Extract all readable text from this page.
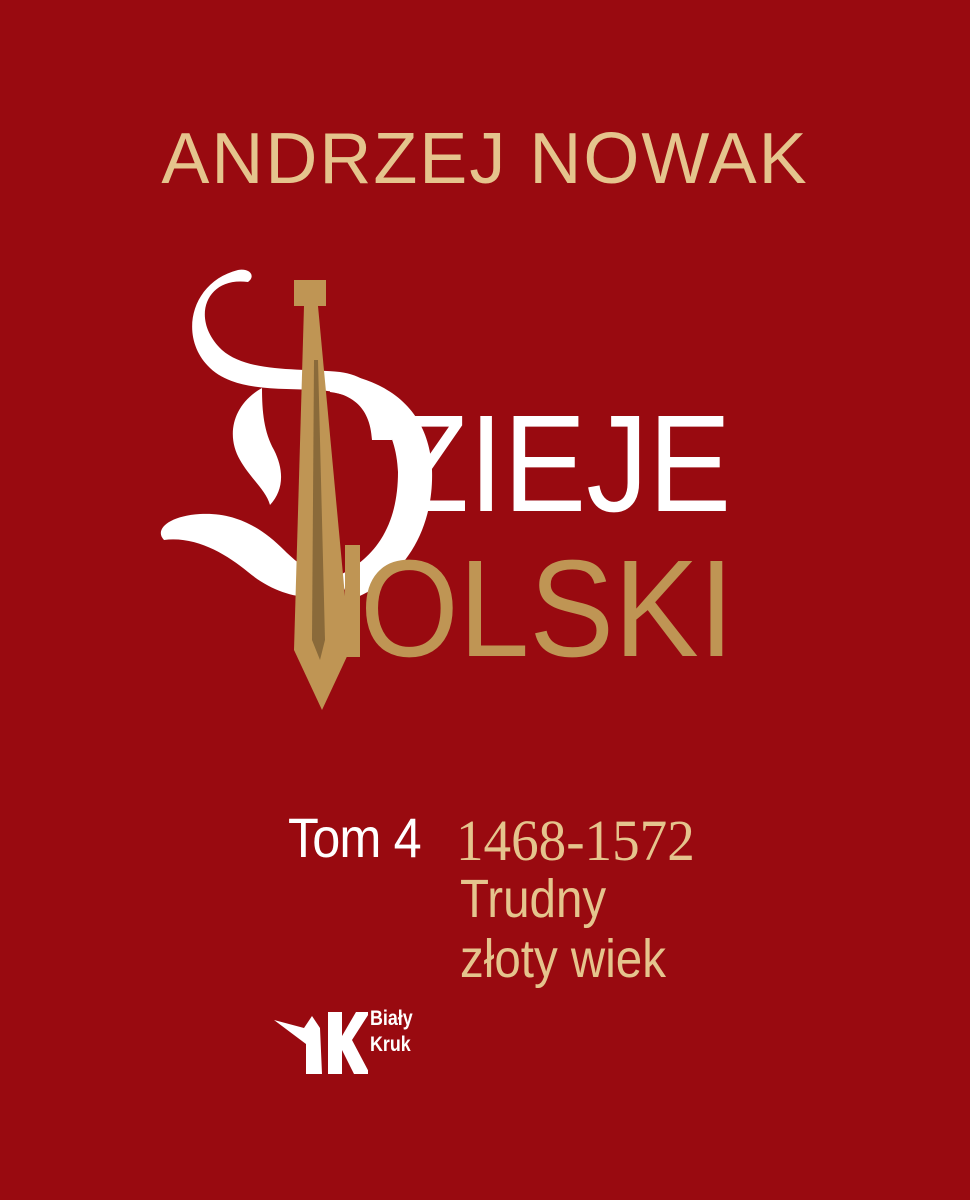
ANDRZEJ NOWAK
ZIEJE
OLSKI
Tom 4 1468-1572
Trudny
złoty wiek
Biały
Kruk
